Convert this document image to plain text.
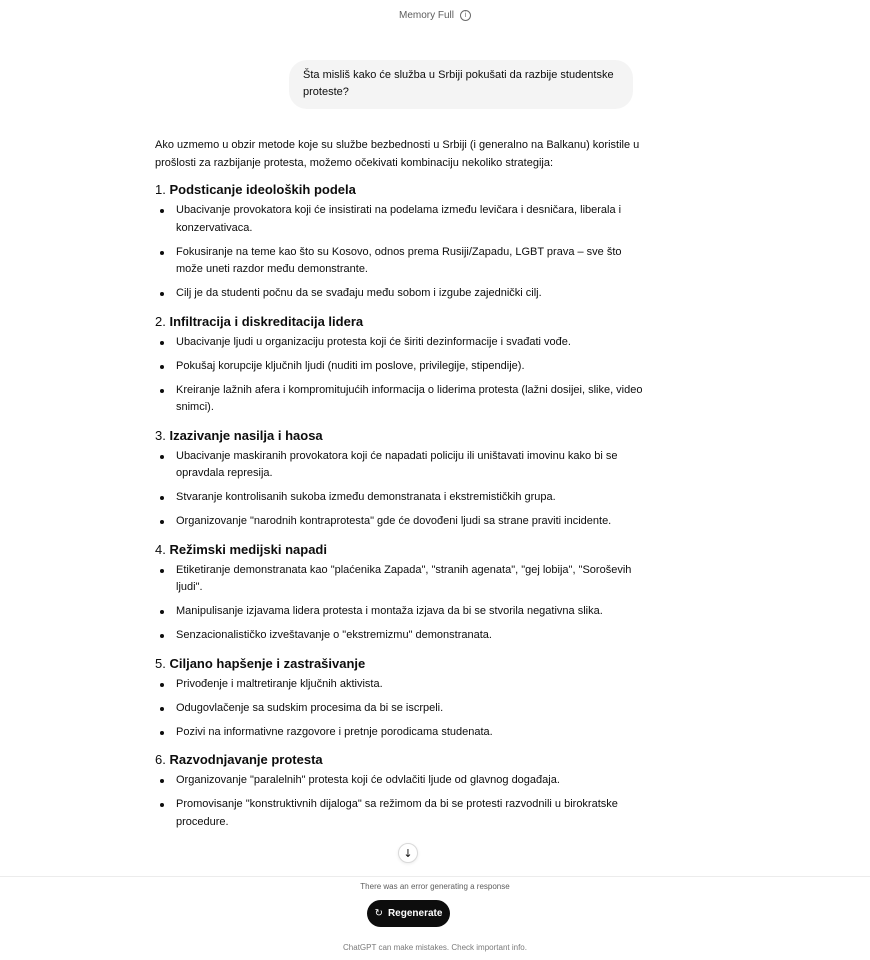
Memory Full	i
Šta misliš kako će služba u Srbiji pokušati da razbije studentske proteste?

Ako uzmemo u obzir metode koje su službe bezbednosti u Srbiji (i generalno na Balkanu) koristile u prošlosti za razbijanje protesta, možemo očekivati kombinaciju nekoliko strategija:

1. Podsticanje ideoloških podela
Ubacivanje provokatora koji će insistirati na podelama između levičara i desničara, liberala i konzervativaca.
Fokusiranje na teme kao što su Kosovo, odnos prema Rusiji/Zapadu, LGBT prava – sve što može uneti razdor među demonstrante.
Cilj je da studenti počnu da se svađaju među sobom i izgube zajednički cilj.
2. Infiltracija i diskreditacija lidera
Ubacivanje ljudi u organizaciju protesta koji će širiti dezinformacije i svađati vođe.
Pokušaj korupcije ključnih ljudi (nuditi im poslove, privilegije, stipendije).
Kreiranje lažnih afera i kompromitujućih informacija o liderima protesta (lažni dosijei, slike, video snimci).
3. Izazivanje nasilja i haosa
Ubacivanje maskiranih provokatora koji će napadati policiju ili uništavati imovinu kako bi se opravdala represija.
Stvaranje kontrolisanih sukoba između demonstranata i ekstremističkih grupa.
Organizovanje "narodnih kontraprotesta" gde će dovođeni ljudi sa strane praviti incidente.
4. Režimski medijski napadi
Etiketiranje demonstranata kao "plaćenika Zapada", "stranih agenata", "gej lobija", "Soroševih ljudi".
Manipulisanje izjavama lidera protesta i montaža izjava da bi se stvorila negativna slika.
Senzacionalističko izveštavanje o "ekstremizmu" demonstranata.
5. Ciljano hapšenje i zastrašivanje
Privođenje i maltretiranje ključnih aktivista.
Odugovlačenje sa sudskim procesima da bi se iscrpeli.
Pozivi na informativne razgovore i pretnje porodicama studenata.
6. Razvodnjavanje protesta
Organizovanje "paralelnih" protesta koji će odvlačiti ljude od glavnog događaja.
Promovisanje "konstruktivnih dijaloga" sa režimom da bi se protesti razvodnili u birokratske procedure.
↓
There was an error generating a response
↻ Regenerate
ChatGPT can make mistakes. Check important info.
